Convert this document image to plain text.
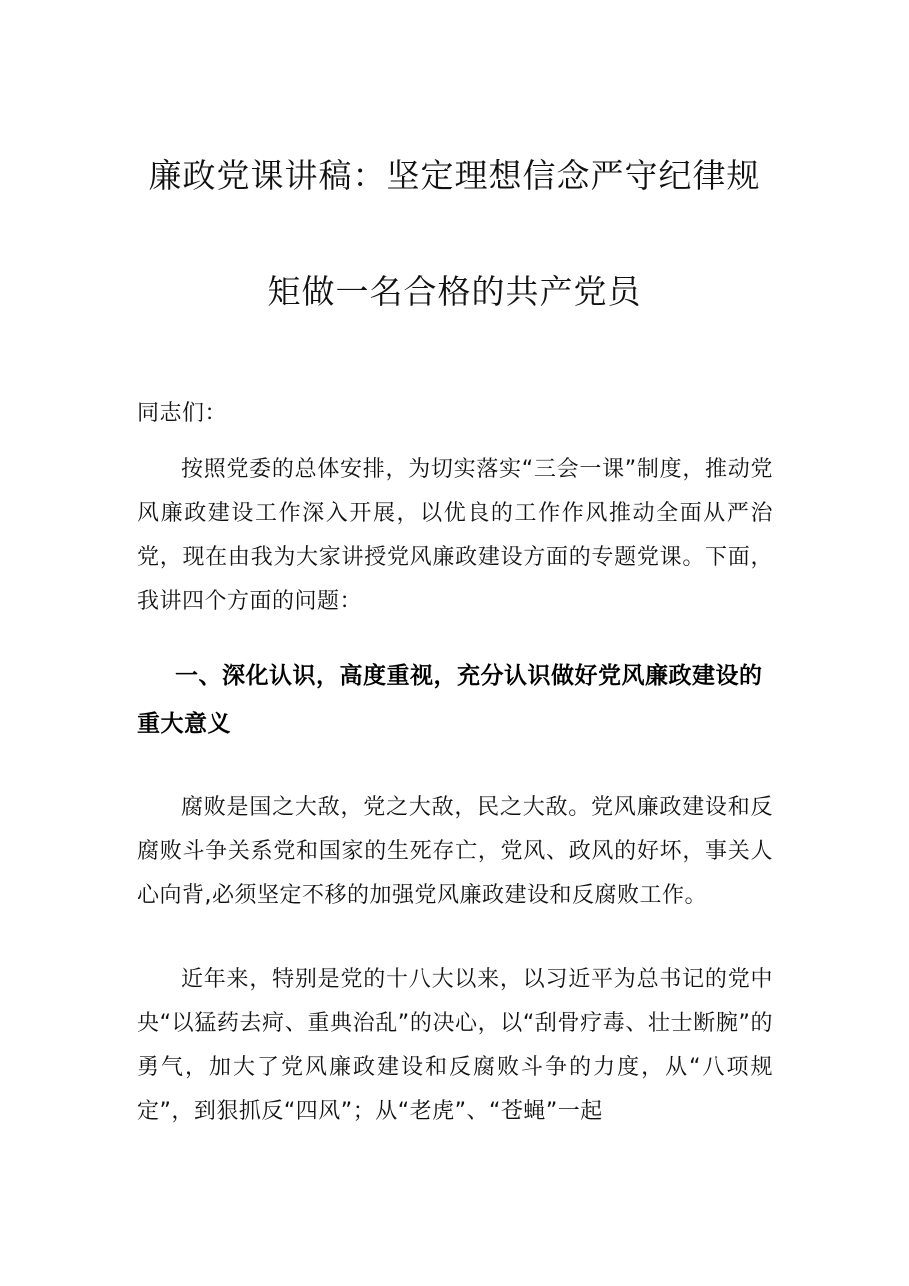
廉政党课讲稿：坚定理想信念严守纪律规
矩做一名合格的共产党员
同志们：
按照党委的总体安排，为切实落实“三会一课”制度，推动党风廉政建设工作深入开展，以优良的工作作风推动全面从严治党，现在由我为大家讲授党风廉政建设方面的专题党课。下面，我讲四个方面的问题：
一、深化认识，高度重视，充分认识做好党风廉政建设的重大意义
腐败是国之大敌，党之大敌，民之大敌。党风廉政建设和反腐败斗争关系党和国家的生死存亡，党风、政风的好坏，事关人心向背,必须坚定不移的加强党风廉政建设和反腐败工作。
近年来，特别是党的十八大以来，以习近平为总书记的党中央“以猛药去疴、重典治乱”的决心，以“刮骨疗毒、壮士断腕”的勇气，加大了党风廉政建设和反腐败斗争的力度，从“八项规定”，到狠抓反“四风”；从“老虎”、“苍蝇”一起
